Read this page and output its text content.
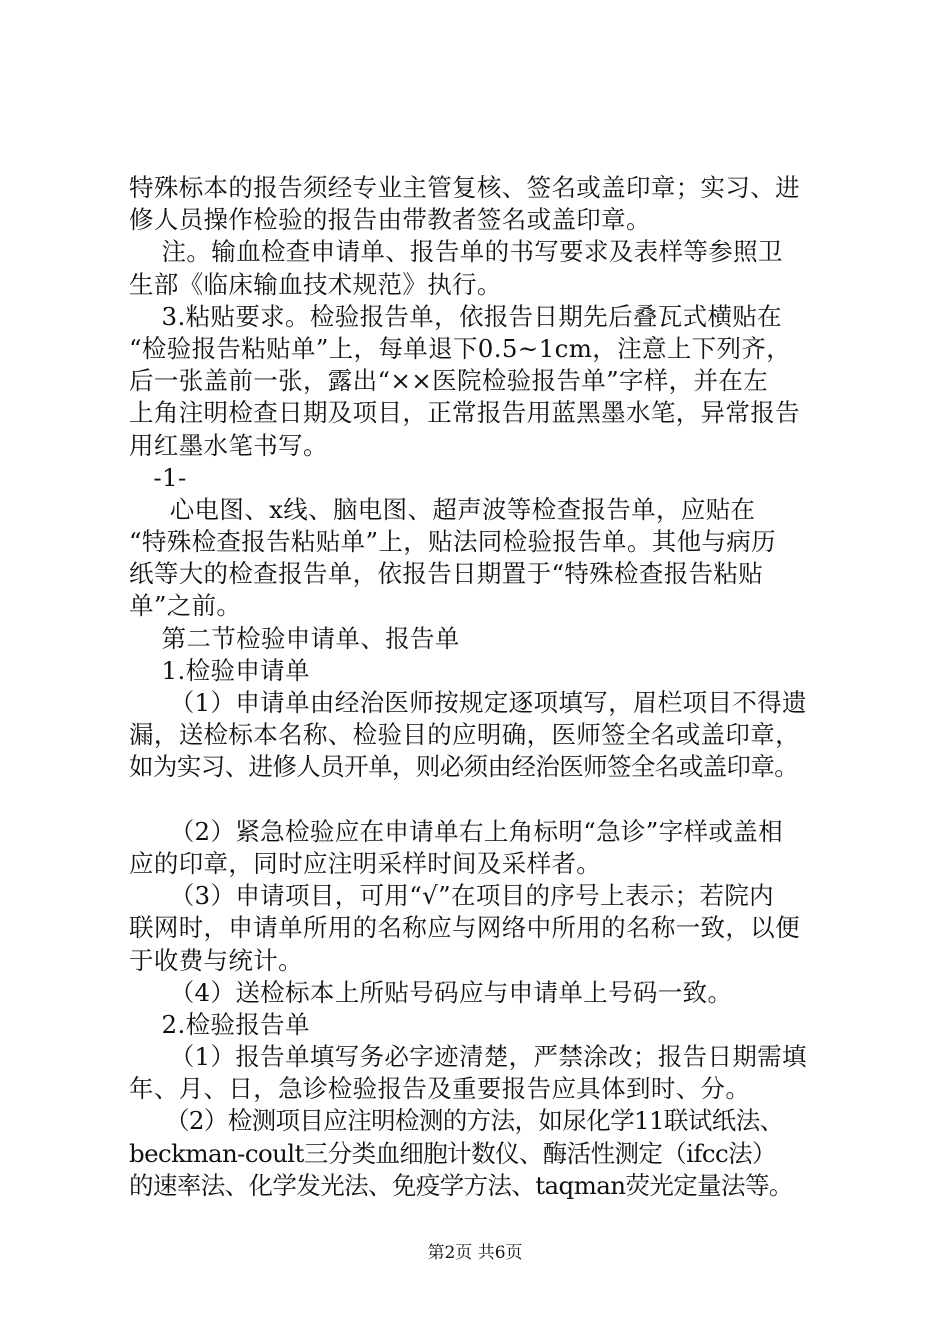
特殊标本的报告须经专业主管复核、签名或盖印章；实习、进
修人员操作检验的报告由带教者签名或盖印章。
注。输血检查申请单、报告单的书写要求及表样等参照卫
生部《临床输血技术规范》执行。
3.粘贴要求。检验报告单，依报告日期先后叠瓦式横贴在
“检验报告粘贴单”上，每单退下0.5~1cm，注意上下列齐，
后一张盖前一张，露出“××医院检验报告单”字样，并在左
上角注明检查日期及项目，正常报告用蓝黑墨水笔，异常报告
用红墨水笔书写。
-1-
心电图、x线、脑电图、超声波等检查报告单，应贴在
“特殊检查报告粘贴单”上，贴法同检验报告单。其他与病历
纸等大的检查报告单，依报告日期置于“特殊检查报告粘贴
单”之前。
第二节检验申请单、报告单
1.检验申请单
（1）申请单由经治医师按规定逐项填写，眉栏项目不得遗
漏，送检标本名称、检验目的应明确，医师签全名或盖印章，
如为实习、进修人员开单，则必须由经治医师签全名或盖印章。
（2）紧急检验应在申请单右上角标明“急诊”字样或盖相
应的印章，同时应注明采样时间及采样者。
（3）申请项目，可用“√”在项目的序号上表示；若院内
联网时，申请单所用的名称应与网络中所用的名称一致，以便
于收费与统计。
（4）送检标本上所贴号码应与申请单上号码一致。
2.检验报告单
（1）报告单填写务必字迹清楚，严禁涂改；报告日期需填
年、月、日，急诊检验报告及重要报告应具体到时、分。
（2）检测项目应注明检测的方法，如尿化学11联试纸法、
beckman-coult三分类血细胞计数仪、酶活性测定（ifcc法）
的速率法、化学发光法、免疫学方法、taqman荧光定量法等。
第2页 共6页
